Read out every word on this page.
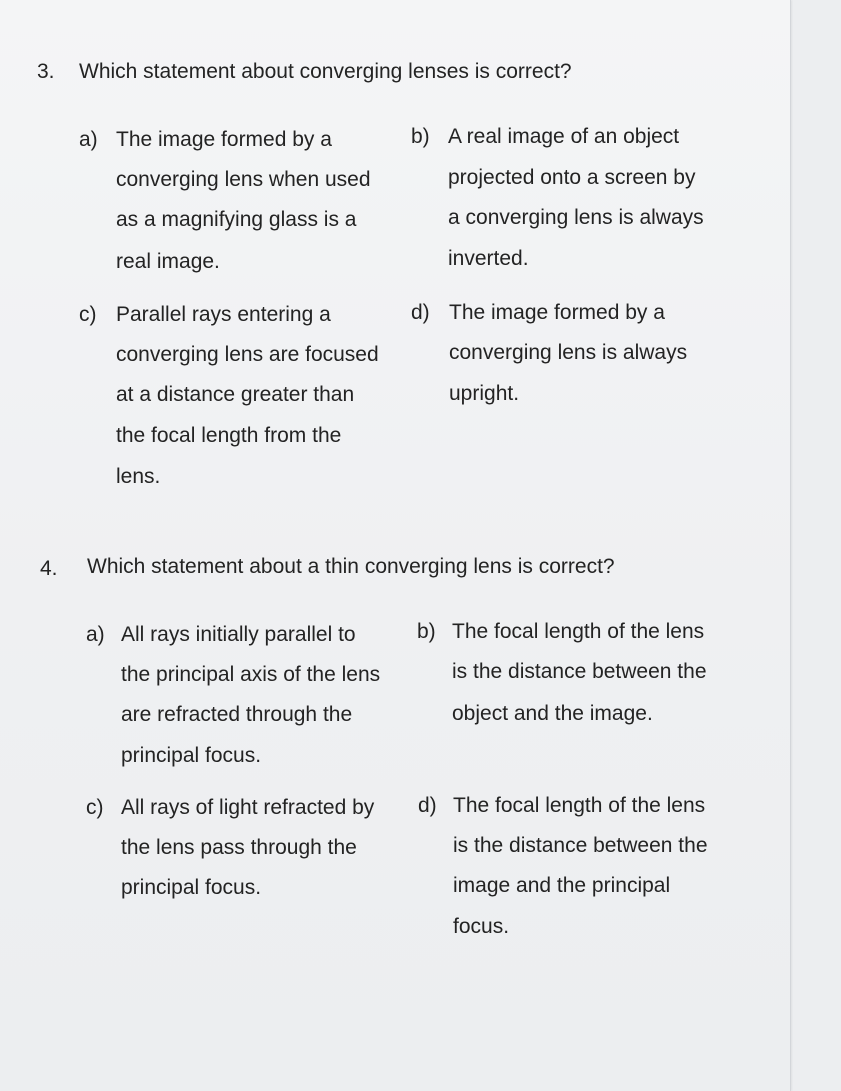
3. Which statement about converging lenses is correct?
a) The image formed by a
converging lens when used
as a magnifying glass is a
real image.
b) A real image of an object
projected onto a screen by
a converging lens is always
inverted.
c) Parallel rays entering a
converging lens are focused
at a distance greater than
the focal length from the
lens.
d) The image formed by a
converging lens is always
upright.
4. Which statement about a thin converging lens is correct?
a) All rays initially parallel to
the principal axis of the lens
are refracted through the
principal focus.
b) The focal length of the lens
is the distance between the
object and the image.
c) All rays of light refracted by
the lens pass through the
principal focus.
d) The focal length of the lens
is the distance between the
image and the principal
focus.
